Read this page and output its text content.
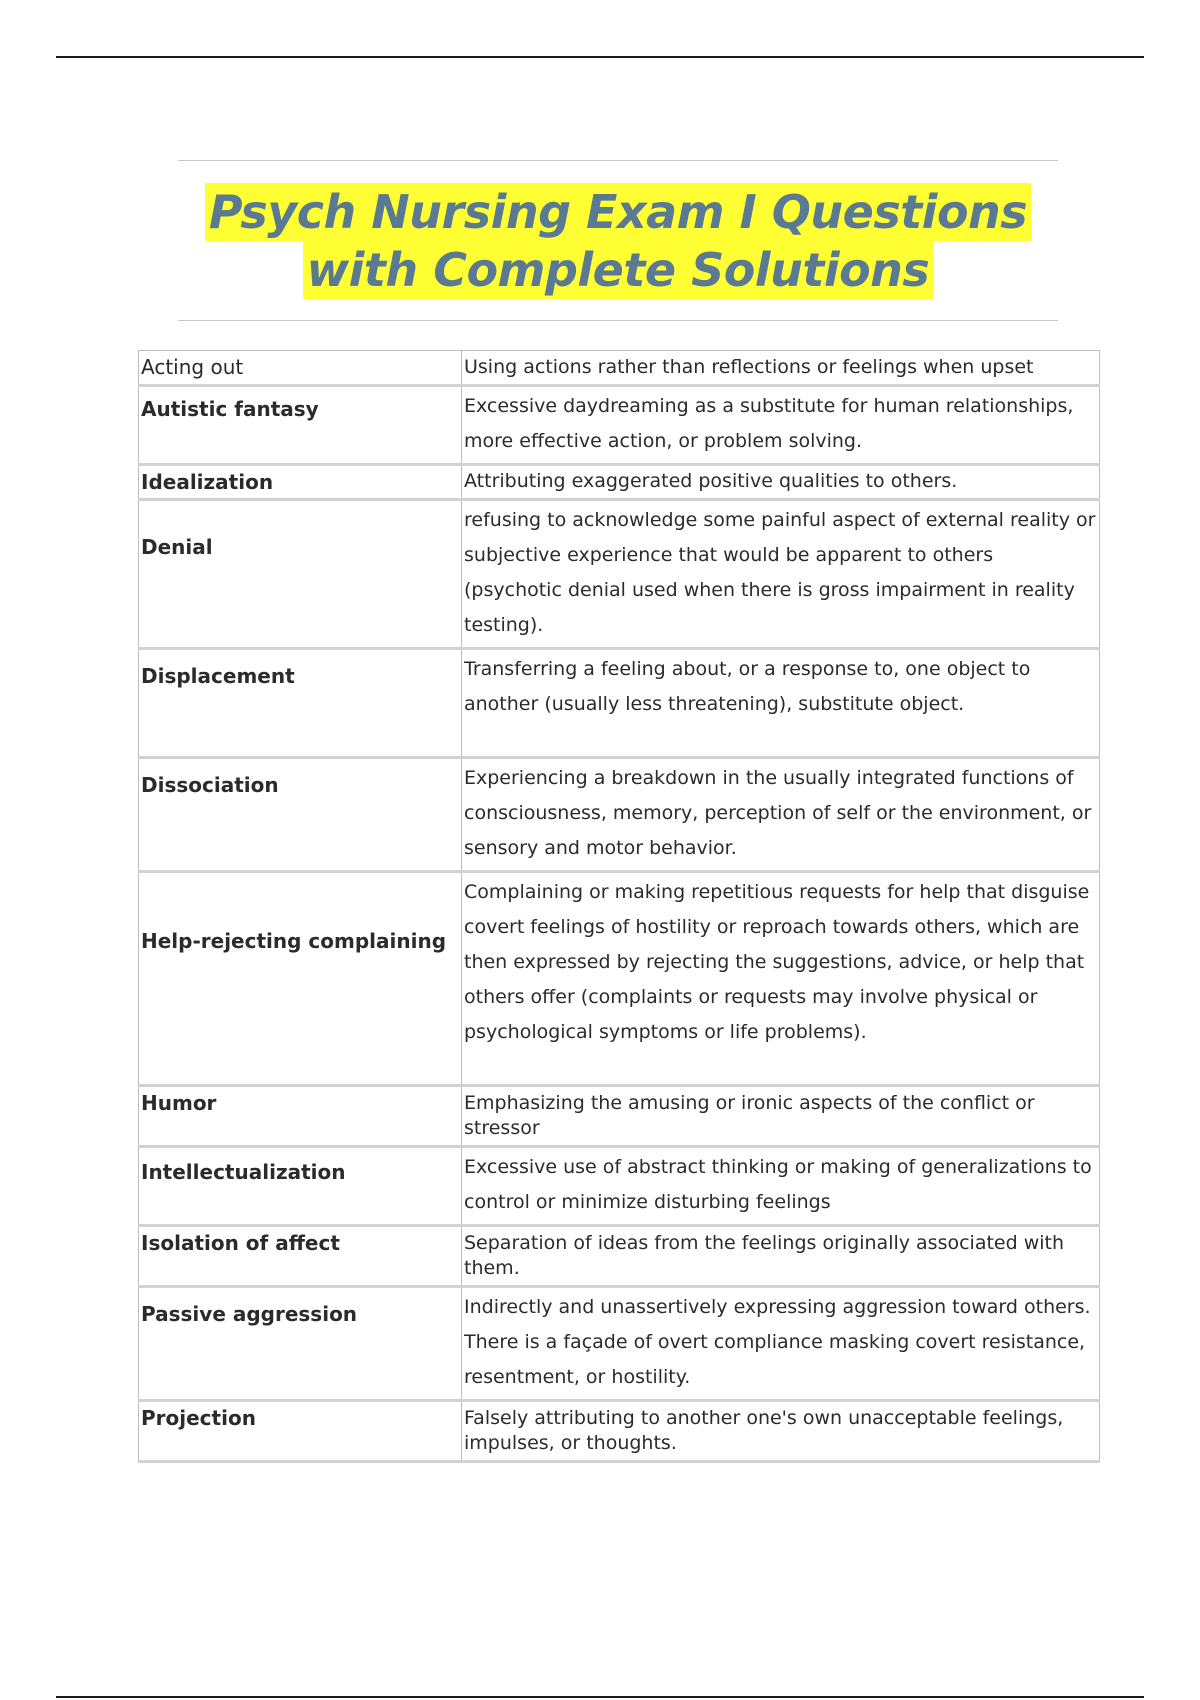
Psych Nursing Exam I Questions
with Complete Solutions
Acting out	Using actions rather than reflections or feelings when upset
Autistic fantasy	Excessive daydreaming as a substitute for human relationships, more effective action, or problem solving.
Idealization	Attributing exaggerated positive qualities to others.
Denial	refusing to acknowledge some painful aspect of external reality or subjective experience that would be apparent to others (psychotic denial used when there is gross impairment in reality testing).
Displacement	Transferring a feeling about, or a response to, one object to another (usually less threatening), substitute object.
Dissociation	Experiencing a breakdown in the usually integrated functions of consciousness, memory, perception of self or the environment, or sensory and motor behavior.
Help-rejecting complaining	Complaining or making repetitious requests for help that disguise covert feelings of hostility or reproach towards others, which are then expressed by rejecting the suggestions, advice, or help that others offer (complaints or requests may involve physical or psychological symptoms or life problems).
Humor	Emphasizing the amusing or ironic aspects of the conflict or stressor
Intellectualization	Excessive use of abstract thinking or making of generalizations to control or minimize disturbing feelings
Isolation of affect	Separation of ideas from the feelings originally associated with them.
Passive aggression	Indirectly and unassertively expressing aggression toward others. There is a façade of overt compliance masking covert resistance, resentment, or hostility.
Projection	Falsely attributing to another one's own unacceptable feelings, impulses, or thoughts.
